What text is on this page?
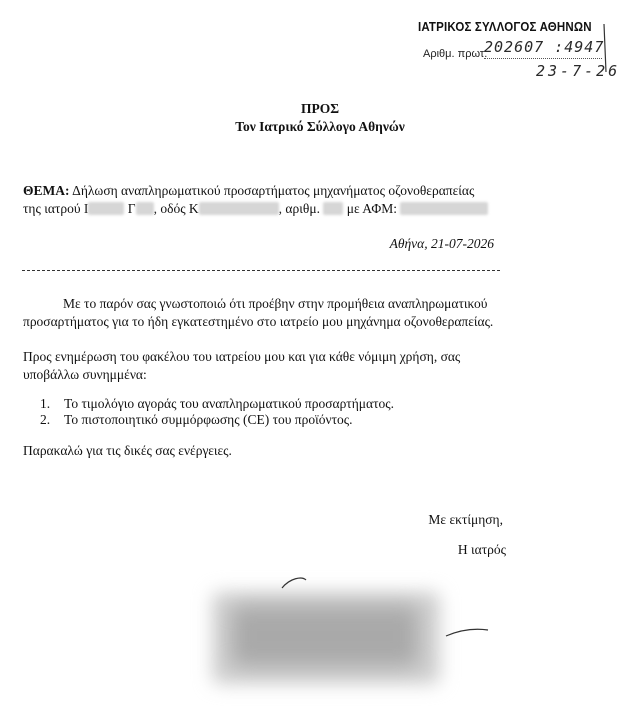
ΙΑΤΡΙΚΟΣ ΣΥΛΛΟΓΟΣ ΑΘΗΝΩΝ
Αριθμ. πρωτ.
202607 :4947
23-7-26
ΠΡΟΣ
Τον Ιατρικό Σύλλογο Αθηνών
ΘΕΜΑ: Δήλωση αναπληρωματικού προσαρτήματος μηχανήματος οζονοθεραπείας
της ιατρού Ι	Γ , οδός Κ	, αριθμ. με ΑΦΜ:
Αθήνα, 21-07-2026
Με το παρόν σας γνωστοποιώ ότι προέβην στην προμήθεια αναπληρωματικού
προσαρτήματος για το ήδη εγκατεστημένο στο ιατρείο μου μηχάνημα οζονοθεραπείας.
Προς ενημέρωση του φακέλου του ιατρείου μου και για κάθε νόμιμη χρήση, σας
υποβάλλω συνημμένα:
1. Το τιμολόγιο αγοράς του αναπληρωματικού προσαρτήματος.
2. Το πιστοποιητικό συμμόρφωσης (CE) του προϊόντος.
Παρακαλώ για τις δικές σας ενέργειες.
Με εκτίμηση,
Η ιατρός
